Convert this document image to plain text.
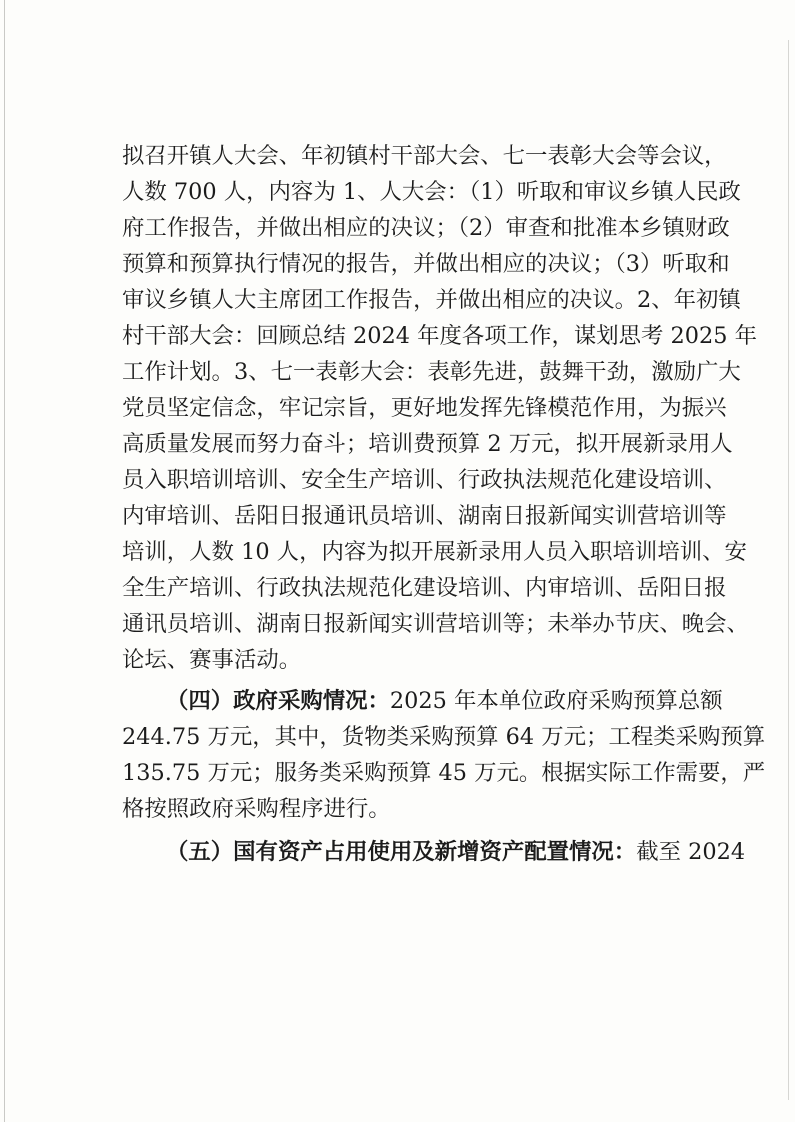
拟召开镇人大会、年初镇村干部大会、七一表彰大会等会议，
人数 700 人，内容为 1、人大会：（1）听取和审议乡镇人民政
府工作报告，并做出相应的决议；（2）审查和批准本乡镇财政
预算和预算执行情况的报告，并做出相应的决议；（3）听取和
审议乡镇人大主席团工作报告，并做出相应的决议。2、年初镇
村干部大会：回顾总结 2024 年度各项工作，谋划思考 2025 年
工作计划。3、七一表彰大会：表彰先进，鼓舞干劲，激励广大
党员坚定信念，牢记宗旨，更好地发挥先锋模范作用，为振兴
高质量发展而努力奋斗；培训费预算 2 万元，拟开展新录用人
员入职培训培训、安全生产培训、行政执法规范化建设培训、
内审培训、岳阳日报通讯员培训、湖南日报新闻实训营培训等
培训，人数 10 人，内容为拟开展新录用人员入职培训培训、安
全生产培训、行政执法规范化建设培训、内审培训、岳阳日报
通讯员培训、湖南日报新闻实训营培训等；未举办节庆、晚会、
论坛、赛事活动。
（四）政府采购情况：2025 年本单位政府采购预算总额
244.75 万元，其中，货物类采购预算 64 万元；工程类采购预算
135.75 万元；服务类采购预算 45 万元。根据实际工作需要，严
格按照政府采购程序进行。
（五）国有资产占用使用及新增资产配置情况：截至 2024
